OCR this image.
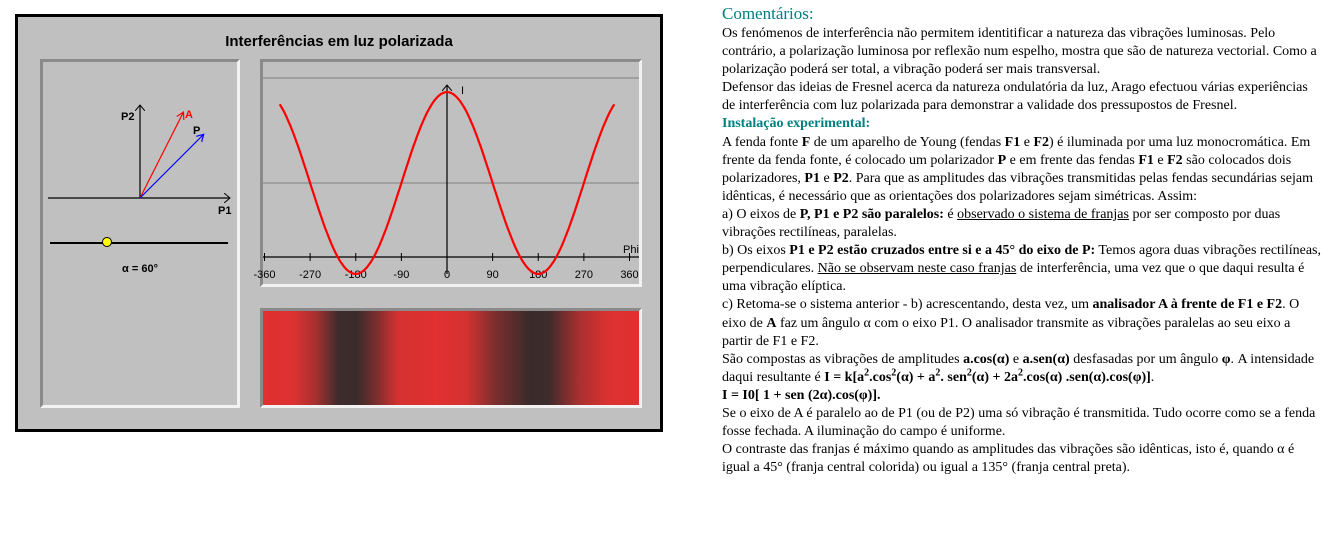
Interferências em luz polarizada
P1
P2	A
P
α = 60°
I
Phi
-360 -270 -180 -90	0	90	180 270 360
Comentários:

Os fenómenos de interferência não permitem identitificar a natureza das vibrações luminosas. Pelo contrário, a polarização luminosa por reflexão num espelho, mostra que são de natureza vectorial. Como a polarização poderá ser total, a vibração poderá ser mais transversal.

Defensor das ideias de Fresnel acerca da natureza ondulatória da luz, Arago efectuou várias experiências de interferência com luz polarizada para demonstrar a validade dos pressupostos de Fresnel.

Instalação experimental:

A fenda fonte F de um aparelho de Young (fendas F1 e F2) é iluminada por uma luz monocromática. Em frente da fenda fonte, é colocado um polarizador P e em frente das fendas F1 e F2 são colocados dois polarizadores, P1 e P2. Para que as amplitudes das vibrações transmitidas pelas fendas secundárias sejam idênticas, é necessário que as orientações dos polarizadores sejam simétricas. Assim:

a) O eixos de P, P1 e P2 são paralelos: é observado o sistema de franjas por ser composto por duas vibrações rectilíneas, paralelas.

b) Os eixos P1 e P2 estão cruzados entre si e a 45° do eixo de P: Temos agora duas vibrações rectilíneas, perpendiculares. Não se observam neste caso franjas de interferência, uma vez que o que daqui resulta é uma vibração elíptica.

c) Retoma-se o sistema anterior - b) acrescentando, desta vez, um analisador A à frente de F1 e F2. O eixo de A faz um ângulo α com o eixo P1. O analisador transmite as vibrações paralelas ao seu eixo a partir de F1 e F2.

São compostas as vibrações de amplitudes a.cos(α) e a.sen(α) desfasadas por um ângulo φ. A intensidade daqui resultante é $I = k[a^2.\cos^2(\alpha) + a^2$. $sen^2(\alpha) + 2a^2.\cos(\alpha)$ .sen(α).cos(φ)].

I = I0[ 1 + sen (2α).cos(φ)].

Se o eixo de A é paralelo ao de P1 (ou de P2) uma só vibração é transmitida. Tudo ocorre como se a fenda fosse fechada. A iluminação do campo é uniforme.

O contraste das franjas é máximo quando as amplitudes das vibrações são idênticas, isto é, quando α é igual a 45° (franja central colorida) ou igual a 135° (franja central preta).
